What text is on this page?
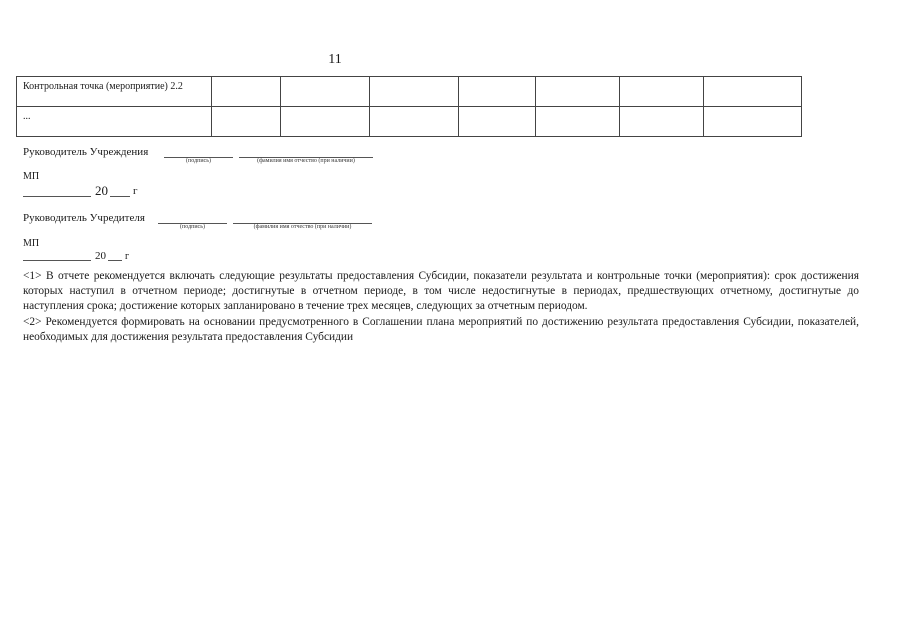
11
Контрольная точка (мероприятие) 2.2							
...							
Руководитель Учреждения
(подпись)	(фамилия имя отчество (при наличии)
МП
20 г
Руководитель Учредителя
(подпись)	(фамилия имя отчество (при наличии)
МП
20 г

<1> В отчете рекомендуется включать следующие результаты предоставления Субсидии, показатели результата и контрольные точки (мероприятия): срок достижения которых наступил в отчетном периоде; достигнутые в отчетном периоде, в том числе недостигнутые в периодах, предшествующих отчетному, достигнутые до наступления срока; достижение которых запланировано в течение трех месяцев, следующих за отчетным периодом.

<2> Рекомендуется формировать на основании предусмотренного в Соглашении плана мероприятий по достижению результата предоставления Субсидии, показателей, необходимых для достижения результата предоставления Субсидии
